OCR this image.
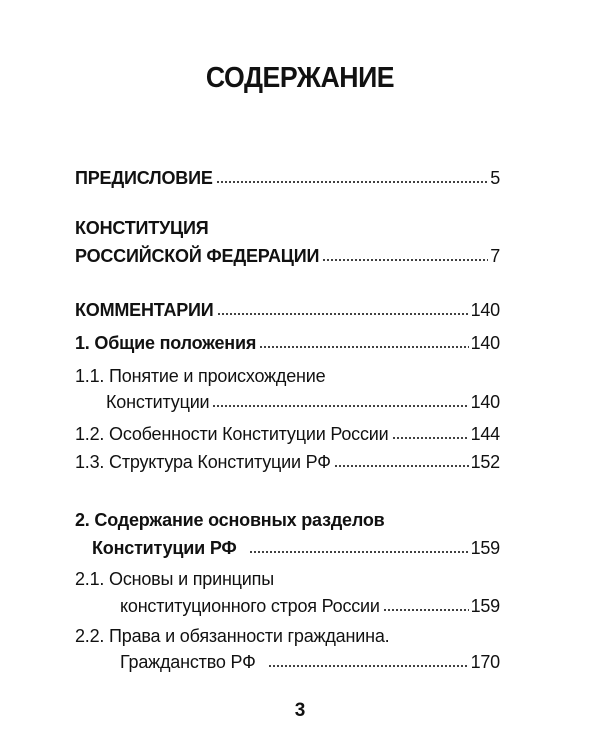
СОДЕРЖАНИЕ
ПРЕДИСЛОВИЕ	5
КОНСТИТУЦИЯ
РОССИЙСКОЙ ФЕДЕРАЦИИ	7
КОММЕНТАРИИ	140
1. Общие положения	140
1.1. Понятие и происхождение
Конституции	140
1.2. Особенности Конституции России	144
1.3. Структура Конституции РФ	152
2. Содержание основных разделов
Конституции РФ	159
2.1. Основы и принципы
конституционного строя России	159
2.2. Права и обязанности гражданина.
Гражданство РФ	170
3
